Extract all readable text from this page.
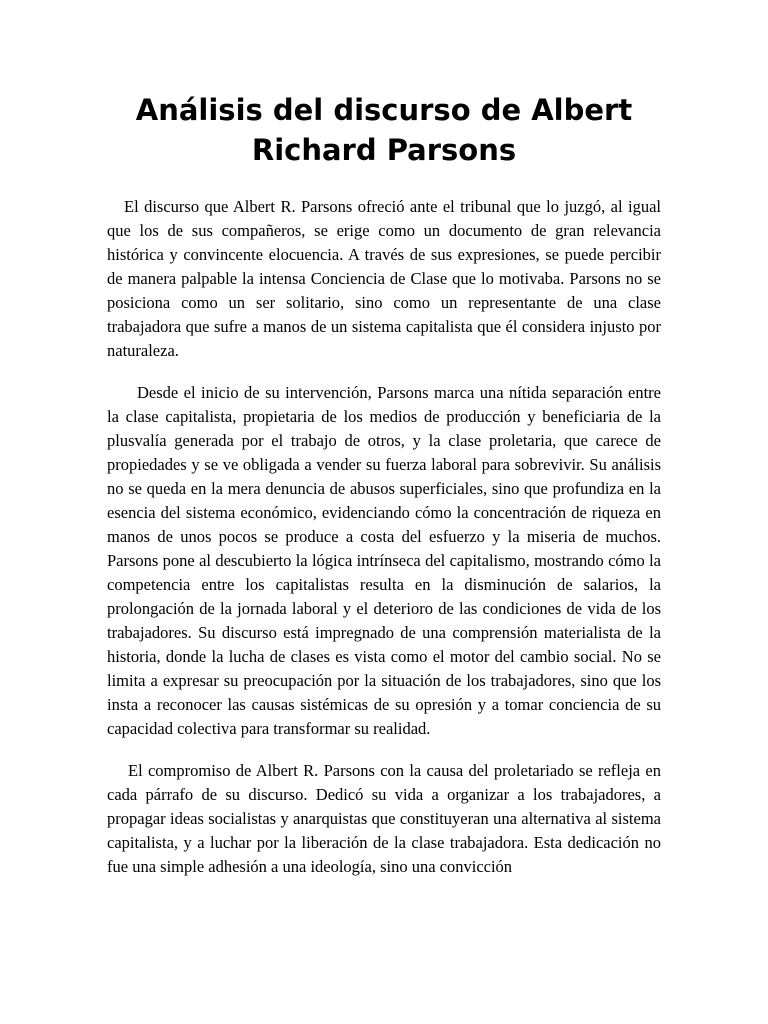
Análisis del discurso de Albert Richard Parsons

El discurso que Albert R. Parsons ofreció ante el tribunal que lo juzgó, al igual que los de sus compañeros, se erige como un documento de gran relevancia histórica y convincente elocuencia. A través de sus expresiones, se puede percibir de manera palpable la intensa Conciencia de Clase que lo motivaba. Parsons no se posiciona como un ser solitario, sino como un representante de una clase trabajadora que sufre a manos de un sistema capitalista que él considera injusto por naturaleza.

Desde el inicio de su intervención, Parsons marca una nítida separación entre la clase capitalista, propietaria de los medios de producción y beneficiaria de la plusvalía generada por el trabajo de otros, y la clase proletaria, que carece de propiedades y se ve obligada a vender su fuerza laboral para sobrevivir. Su análisis no se queda en la mera denuncia de abusos superficiales, sino que profundiza en la esencia del sistema económico, evidenciando cómo la concentración de riqueza en manos de unos pocos se produce a costa del esfuerzo y la miseria de muchos. Parsons pone al descubierto la lógica intrínseca del capitalismo, mostrando cómo la competencia entre los capitalistas resulta en la disminución de salarios, la prolongación de la jornada laboral y el deterioro de las condiciones de vida de los trabajadores. Su discurso está impregnado de una comprensión materialista de la historia, donde la lucha de clases es vista como el motor del cambio social. No se limita a expresar su preocupación por la situación de los trabajadores, sino que los insta a reconocer las causas sistémicas de su opresión y a tomar conciencia de su capacidad colectiva para transformar su realidad.

El compromiso de Albert R. Parsons con la causa del proletariado se refleja en cada párrafo de su discurso. Dedicó su vida a organizar a los trabajadores, a propagar ideas socialistas y anarquistas que constituyeran una alternativa al sistema capitalista, y a luchar por la liberación de la clase trabajadora. Esta dedicación no fue una simple adhesión a una ideología, sino una convicción
